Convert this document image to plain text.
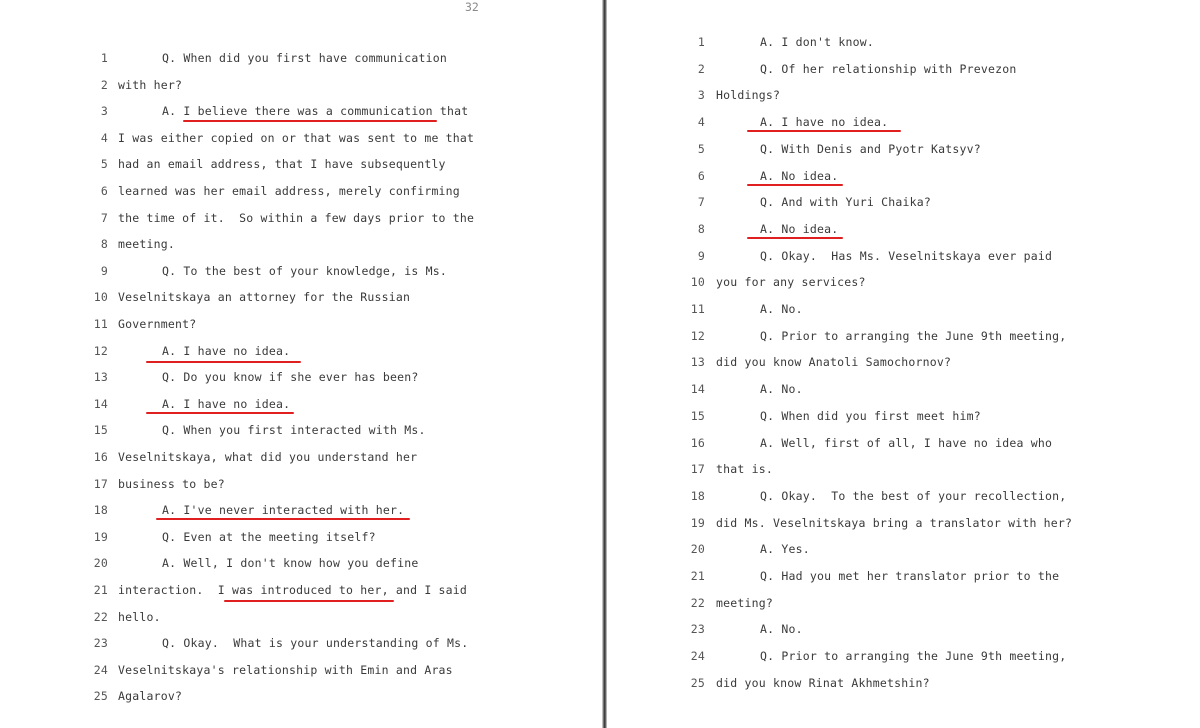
32
1	Q. When did you first have communication
2 with her?
3	A. I believe there was a communication that
4 I was either copied on or that was sent to me that
5 had an email address, that I have subsequently
6 learned was her email address, merely confirming
7 the time of it.  So within a few days prior to the
8 meeting.
9	Q. To the best of your knowledge, is Ms.
10 Veselnitskaya an attorney for the Russian
11 Government?
12	A. I have no idea.
13	Q. Do you know if she ever has been?
14	A. I have no idea.
15	Q. When you first interacted with Ms.
16 Veselnitskaya, what did you understand her
17 business to be?
18	A. I've never interacted with her.
19	Q. Even at the meeting itself?
20	A. Well, I don't know how you define
21 interaction.  I was introduced to her, and I said
22 hello.
23	Q. Okay.  What is your understanding of Ms.
24 Veselnitskaya's relationship with Emin and Aras
25 Agalarov?
1	A. I don't know.
2	Q. Of her relationship with Prevezon
3 Holdings?
4	A. I have no idea.
5	Q. With Denis and Pyotr Katsyv?
6	A. No idea.
7	Q. And with Yuri Chaika?
8	A. No idea.
9	Q. Okay.  Has Ms. Veselnitskaya ever paid
10 you for any services?
11	A. No.
12	Q. Prior to arranging the June 9th meeting,
13 did you know Anatoli Samochornov?
14	A. No.
15	Q. When did you first meet him?
16	A. Well, first of all, I have no idea who
17 that is.
18	Q. Okay.  To the best of your recollection,
19 did Ms. Veselnitskaya bring a translator with her?
20	A. Yes.
21	Q. Had you met her translator prior to the
22 meeting?
23	A. No.
24	Q. Prior to arranging the June 9th meeting,
25 did you know Rinat Akhmetshin?
